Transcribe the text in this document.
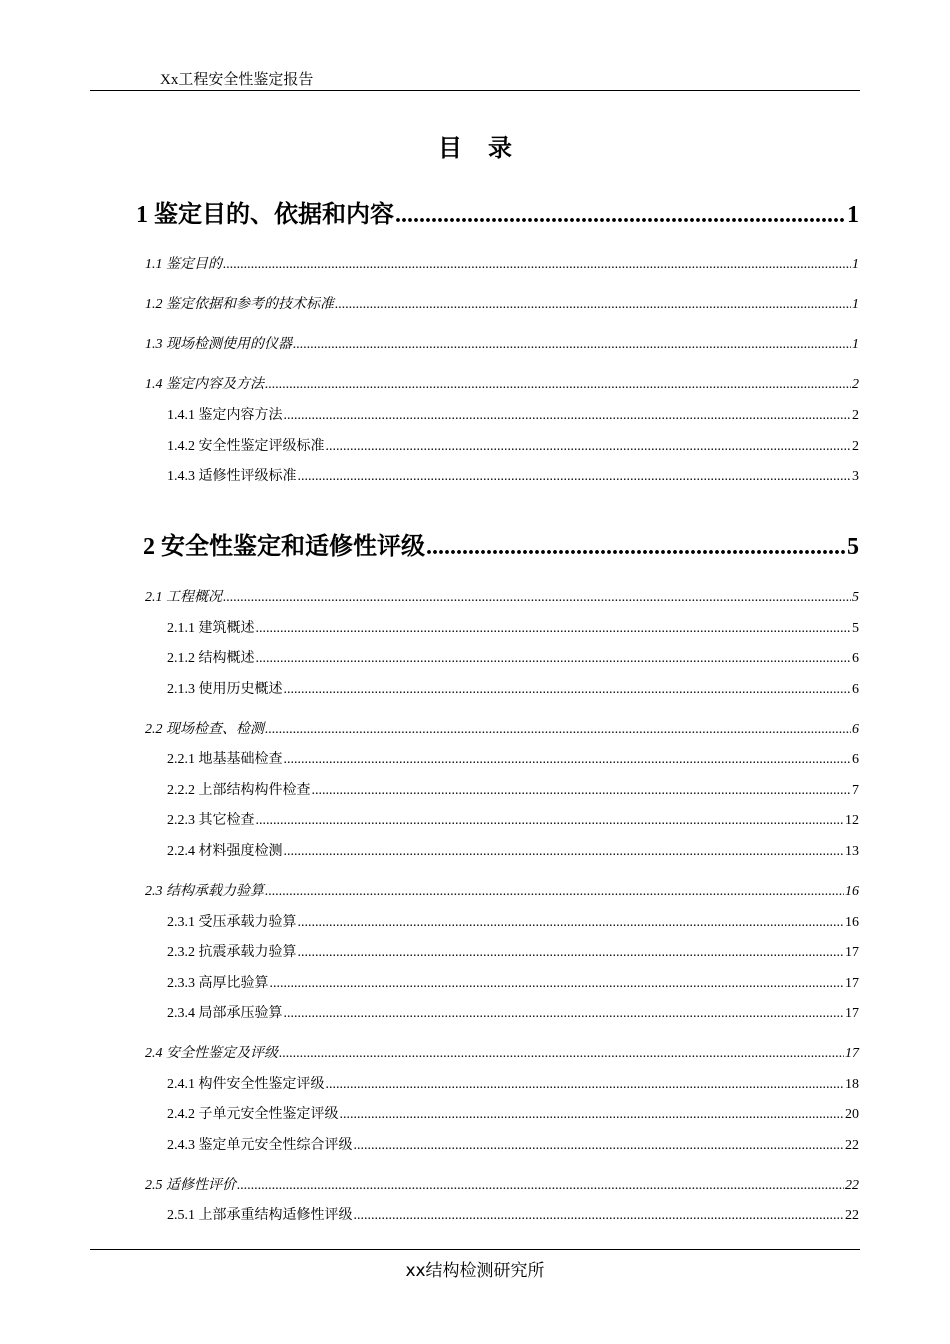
Xx工程安全性鉴定报告
目录
1 鉴定目的、依据和内容 .....	1
1.1 鉴定目的 .....	1
1.2 鉴定依据和参考的技术标准 .....	1
1.3 现场检测使用的仪器 .....	1
1.4 鉴定内容及方法 .....	2
1.4.1 鉴定内容方法 .....	2
1.4.2 安全性鉴定评级标准 .....	2
1.4.3 适修性评级标准 .....	3
2 安全性鉴定和适修性评级 .....	5
2.1 工程概况 .....	5
2.1.1 建筑概述 .....	5
2.1.2 结构概述 .....	6
2.1.3 使用历史概述 .....	6
2.2 现场检查、检测 .....	6
2.2.1 地基基础检查 .....	6
2.2.2 上部结构构件检查 .....	7
2.2.3 其它检查 .....	12
2.2.4 材料强度检测 .....	13
2.3 结构承载力验算 .....	16
2.3.1 受压承载力验算 .....	16
2.3.2 抗震承载力验算 .....	17
2.3.3 高厚比验算 .....	17
2.3.4 局部承压验算 .....	17
2.4 安全性鉴定及评级 .....	17
2.4.1 构件安全性鉴定评级 .....	18
2.4.2 子单元安全性鉴定评级 .....	20
2.4.3 鉴定单元安全性综合评级 .....	22
2.5 适修性评价 .....	22
2.5.1 上部承重结构适修性评级 .....	22
xx结构检测研究所
